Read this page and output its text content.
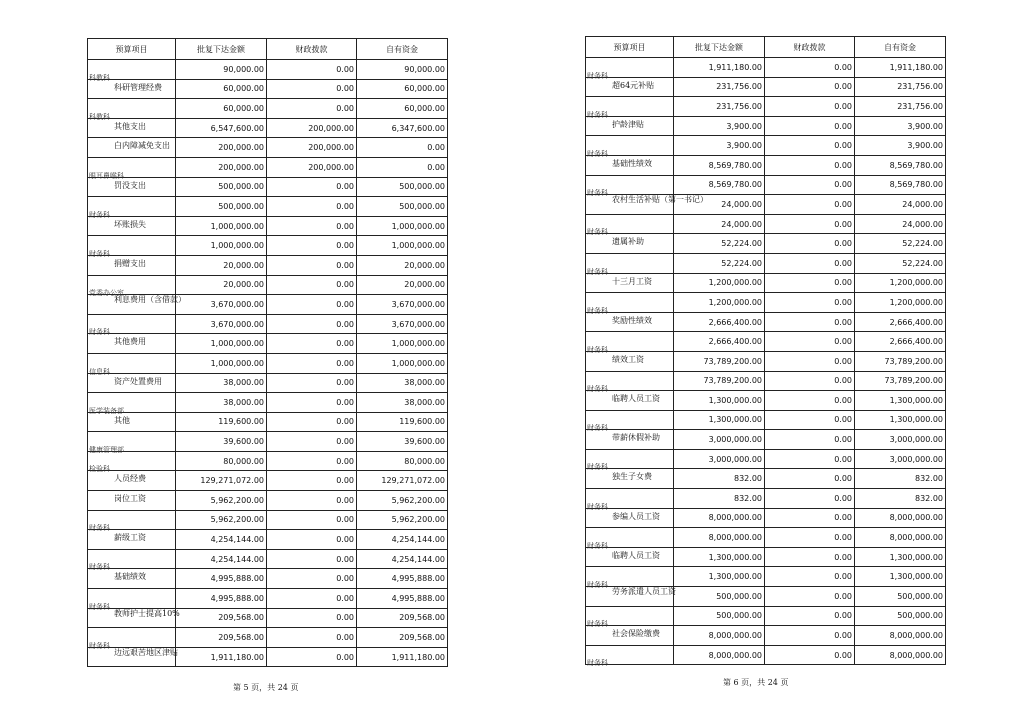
预算项目	批复下达金额	财政拨款	自有资金

科教科	90,000.00	0.00	90,000.00

科研管理经费	60,000.00	0.00	60,000.00

科教科	60,000.00	0.00	60,000.00

其他支出	6,547,600.00	200,000.00	6,347,600.00

白内障减免支出	200,000.00	200,000.00	0.00

眼耳鼻喉科	200,000.00	200,000.00	0.00

罚没支出	500,000.00	0.00	500,000.00

财务科	500,000.00	0.00	500,000.00

坏账损失	1,000,000.00	0.00	1,000,000.00

财务科	1,000,000.00	0.00	1,000,000.00

捐赠支出	20,000.00	0.00	20,000.00

党委办公室	20,000.00	0.00	20,000.00

利息费用（含借款）	3,670,000.00	0.00	3,670,000.00

财务科	3,670,000.00	0.00	3,670,000.00

其他费用	1,000,000.00	0.00	1,000,000.00

信息科	1,000,000.00	0.00	1,000,000.00

资产处置费用	38,000.00	0.00	38,000.00

医学装备部	38,000.00	0.00	38,000.00

其他	119,600.00	0.00	119,600.00

健康管理部	39,600.00	0.00	39,600.00

检验科	80,000.00	0.00	80,000.00

人员经费	129,271,072.00	0.00	129,271,072.00

岗位工资	5,962,200.00	0.00	5,962,200.00

财务科	5,962,200.00	0.00	5,962,200.00

薪级工资	4,254,144.00	0.00	4,254,144.00

财务科	4,254,144.00	0.00	4,254,144.00

基础绩效	4,995,888.00	0.00	4,995,888.00

财务科	4,995,888.00	0.00	4,995,888.00

教师护士提高10%	209,568.00	0.00	209,568.00

财务科	209,568.00	0.00	209,568.00

边远艰苦地区津贴	1,911,180.00	0.00	1,911,180.00
第 5 页，共 24 页
预算项目	批复下达金额	财政拨款	自有资金

财务科	1,911,180.00	0.00	1,911,180.00

超64元补贴	231,756.00	0.00	231,756.00

财务科	231,756.00	0.00	231,756.00

护龄津贴	3,900.00	0.00	3,900.00

财务科	3,900.00	0.00	3,900.00

基础性绩效	8,569,780.00	0.00	8,569,780.00

财务科	8,569,780.00	0.00	8,569,780.00

农村生活补贴（第一书记）	24,000.00	0.00	24,000.00

财务科	24,000.00	0.00	24,000.00

遗属补助	52,224.00	0.00	52,224.00

财务科	52,224.00	0.00	52,224.00

十三月工资	1,200,000.00	0.00	1,200,000.00

财务科	1,200,000.00	0.00	1,200,000.00

奖励性绩效	2,666,400.00	0.00	2,666,400.00

财务科	2,666,400.00	0.00	2,666,400.00

绩效工资	73,789,200.00	0.00	73,789,200.00

财务科	73,789,200.00	0.00	73,789,200.00

临聘人员工资	1,300,000.00	0.00	1,300,000.00

财务科	1,300,000.00	0.00	1,300,000.00

带薪休假补助	3,000,000.00	0.00	3,000,000.00

财务科	3,000,000.00	0.00	3,000,000.00

独生子女费	832.00	0.00	832.00

财务科	832.00	0.00	832.00

参编人员工资	8,000,000.00	0.00	8,000,000.00

财务科	8,000,000.00	0.00	8,000,000.00

临聘人员工资	1,300,000.00	0.00	1,300,000.00

财务科	1,300,000.00	0.00	1,300,000.00

劳务派遣人员工资	500,000.00	0.00	500,000.00

财务科	500,000.00	0.00	500,000.00

社会保险缴费	8,000,000.00	0.00	8,000,000.00

财务科	8,000,000.00	0.00	8,000,000.00
第 6 页，共 24 页
